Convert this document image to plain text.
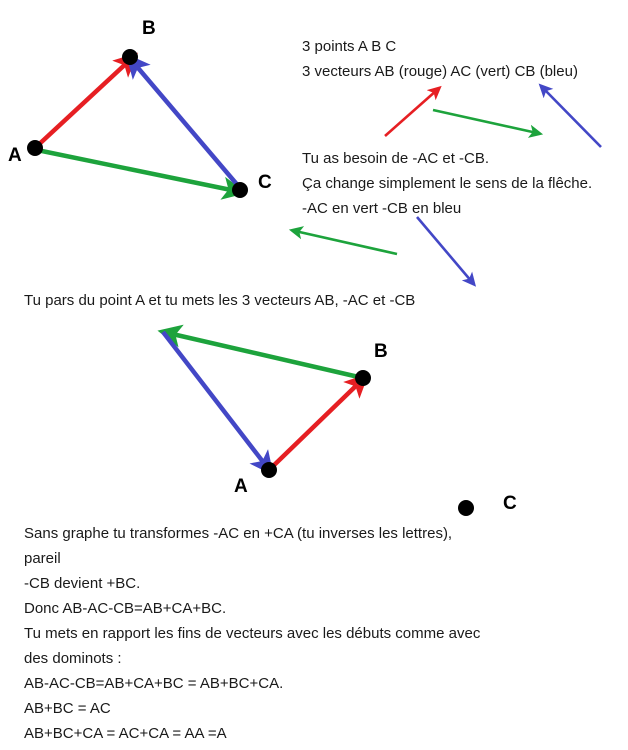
B
A
C
3 points A B C
3 vecteurs AB (rouge) AC (vert) CB (bleu)
Tu as besoin de -AC et -CB.
Ça change simplement le sens de la flêche.
-AC en vert -CB en bleu
Tu pars du point A et tu mets les 3 vecteurs AB, -AC et -CB
B
A
C
Sans graphe tu transformes -AC en +CA (tu inverses les lettres),
pareil
-CB devient +BC.
Donc AB-AC-CB=AB+CA+BC.
Tu mets en rapport les fins de vecteurs avec les débuts comme avec
des dominots :
AB-AC-CB=AB+CA+BC = AB+BC+CA.
AB+BC = AC
AB+BC+CA = AC+CA = AA =A
